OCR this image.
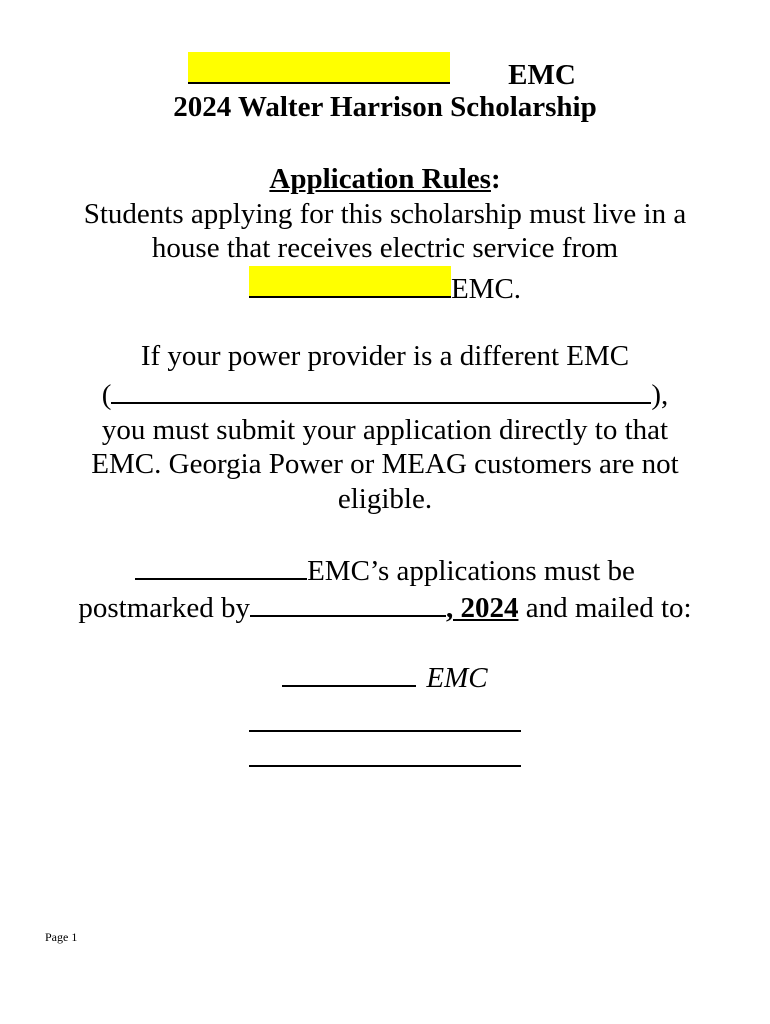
EMC
2024 Walter Harrison Scholarship
Application Rules:
Students applying for this scholarship must live in a
house that receives electric service from
EMC.
If your power provider is a different EMC
(	),
you must submit your application directly to that
EMC. Georgia Power or MEAG customers are not
eligible.
EMC’s applications must be
postmarked by	, 2024 and mailed to:
EMC
Page 1
